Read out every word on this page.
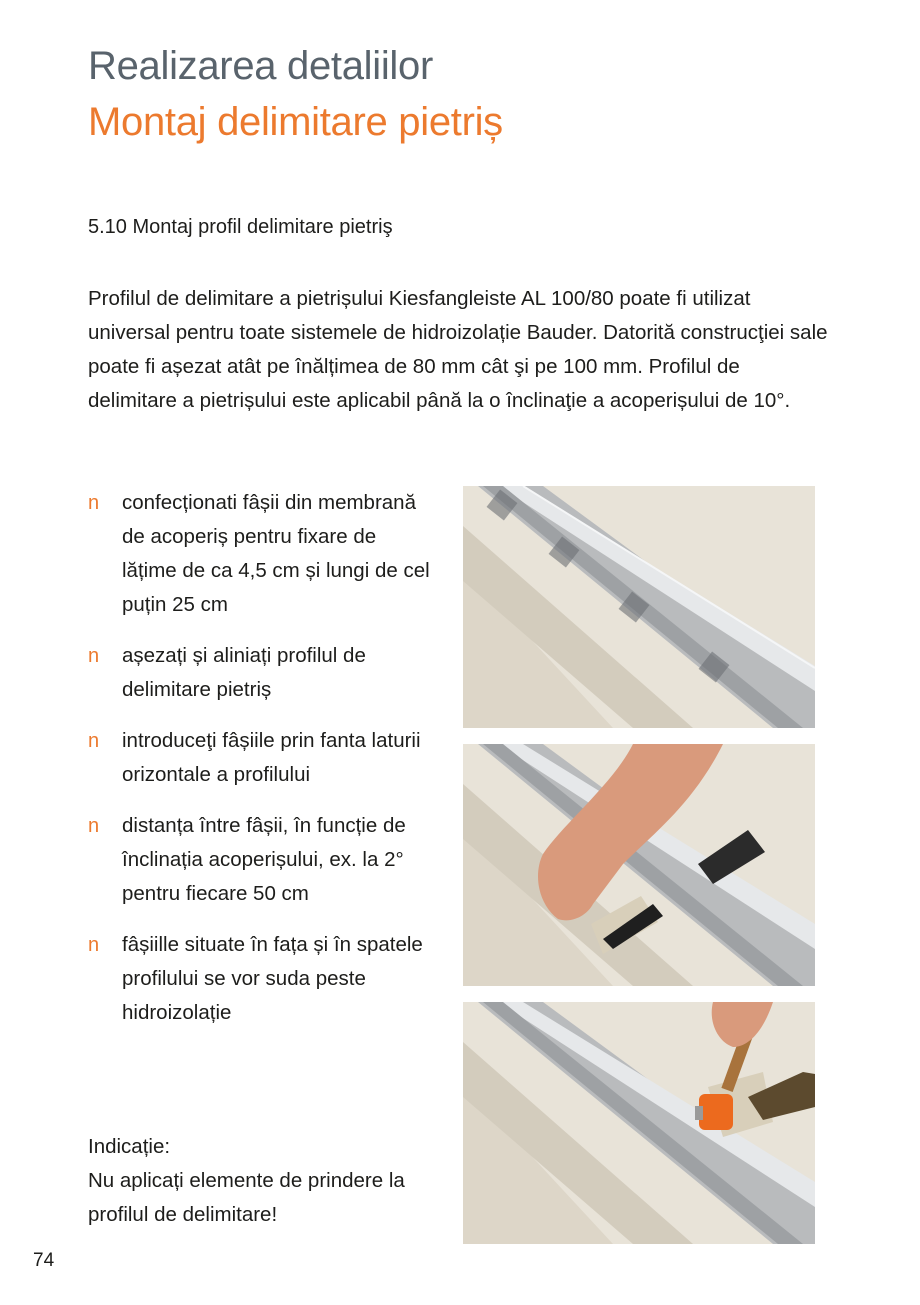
Realizarea detaliilor
Montaj delimitare pietriș
5.10 Montaj profil delimitare pietriş

Profilul de delimitare a pietrișului Kiesfangleiste AL 100/80 poate fi utilizat universal pentru toate sistemele de hidroizolație Bauder. Datorită construcţiei sale poate fi așezat atât pe înălțimea de 80 mm cât şi pe 100 mm. Profilul de delimitare a pietrișului este aplicabil până la o înclinaţie a acoperișului de 10°.

n confecționati fâșii din membrană de acoperiș pentru fixare de lățime de ca 4,5 cm și lungi de cel puțin 25 cm
n așezați și aliniați profilul de delimitare pietriș
n introduceţi fâșiile prin fanta laturii orizontale a profilului
n distanța între fâșii, în funcție de înclinația acoperișului, ex. la 2° pentru fiecare 50 cm
n fâșiille situate în fața și în spatele profilului se vor suda peste hidroizolație
Indicație:
Nu aplicați elemente de prindere la profilul de delimitare!
74
